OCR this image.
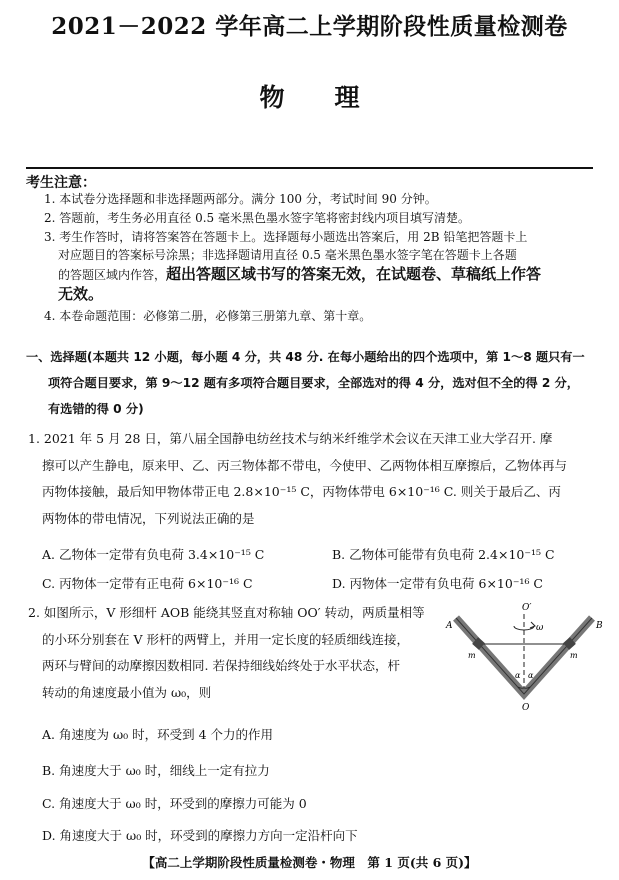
2021－2022 学年高二上学期阶段性质量检测卷
物 理
考生注意：
1. 本试卷分选择题和非选择题两部分。满分 100 分，考试时间 90 分钟。
2. 答题前，考生务必用直径 0.5 毫米黑色墨水签字笔将密封线内项目填写清楚。
3. 考生作答时，请将答案答在答题卡上。选择题每小题选出答案后，用 2B 铅笔把答题卡上
对应题目的答案标号涂黑；非选择题请用直径 0.5 毫米黑色墨水签字笔在答题卡上各题
的答题区域内作答，超出答题区域书写的答案无效，在试题卷、草稿纸上作答
无效。
4. 本卷命题范围：必修第二册，必修第三册第九章、第十章。
一、选择题(本题共 12 小题，每小题 4 分，共 48 分. 在每小题给出的四个选项中，第 1～8 题只有一
项符合题目要求，第 9～12 题有多项符合题目要求，全部选对的得 4 分，选对但不全的得 2 分，
有选错的得 0 分)
1. 2021 年 5 月 28 日，第八届全国静电纺丝技术与纳米纤维学术会议在天津工业大学召开. 摩
擦可以产生静电，原来甲、乙、丙三物体都不带电，今使甲、乙两物体相互摩擦后，乙物体再与
丙物体接触，最后知甲物体带正电 2.8×10⁻¹⁵ C，丙物体带电 6×10⁻¹⁶ C. 则关于最后乙、丙
两物体的带电情况，下列说法正确的是
A. 乙物体一定带有负电荷 3.4×10⁻¹⁵ C	B. 乙物体可能带有负电荷 2.4×10⁻¹⁵ C
C. 丙物体一定带有正电荷 6×10⁻¹⁶ C	D. 丙物体一定带有负电荷 6×10⁻¹⁶ C
2. 如图所示，V 形细杆 AOB 能绕其竖直对称轴 OO′ 转动，两质量相等
的小环分别套在 V 形杆的两臂上，并用一定长度的轻质细线连接，
两环与臂间的动摩擦因数相同. 若保持细线始终处于水平状态，杆
转动的角速度最小值为 ω₀，则
O′
ω
A	B
m	m
α α
O
A. 角速度为 ω₀ 时，环受到 4 个力的作用
B. 角速度大于 ω₀ 时，细线上一定有拉力
C. 角速度大于 ω₀ 时，环受到的摩擦力可能为 0
D. 角速度大于 ω₀ 时，环受到的摩擦力方向一定沿杆向下
【高二上学期阶段性质量检测卷・物理　第 1 页(共 6 页)】
